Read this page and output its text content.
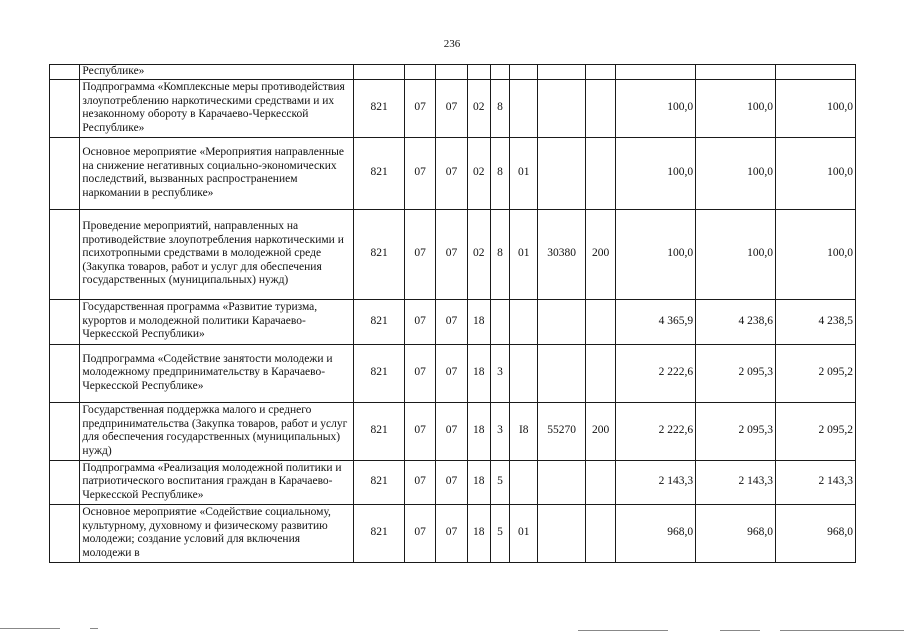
236
	Республике»											
	Подпрограмма «Комплексные меры противодействия злоупотреблению наркотическими средствами и их незаконному обороту в Карачаево-Черкесской Республике»	821	07	07	02	8				100,0	100,0	100,0
	Основное мероприятие «Мероприятия направленные на снижение негативных социально-экономических последствий, вызванных распространением наркомании в республике»	821	07	07	02	8	01			100,0	100,0	100,0
	Проведение мероприятий, направленных на противодействие злоупотребления наркотическими и психотропными средствами в молодежной среде (Закупка товаров, работ и услуг для обеспечения государственных (муниципальных) нужд)	821	07	07	02	8	01	30380	200	100,0	100,0	100,0
	Государственная программа «Развитие туризма, курортов и молодежной политики Карачаево-Черкесской Республики»	821	07	07	18					4 365,9	4 238,6	4 238,5
	Подпрограмма «Содействие занятости молодежи и молодежному предпринимательству в Карачаево-Черкесской Республике»	821	07	07	18	3				2 222,6	2 095,3	2 095,2
	Государственная поддержка малого и среднего предпринимательства (Закупка товаров, работ и услуг для обеспечения государственных (муниципальных) нужд)	821	07	07	18	3	I8	55270	200	2 222,6	2 095,3	2 095,2
	Подпрограмма «Реализация молодежной политики и патриотического воспитания граждан в Карачаево-Черкесской Республике»	821	07	07	18	5				2 143,3	2 143,3	2 143,3
	Основное мероприятие «Содействие социальному, культурному, духовному и физическому развитию молодежи; создание условий для включения молодежи в	821	07	07	18	5	01			968,0	968,0	968,0
